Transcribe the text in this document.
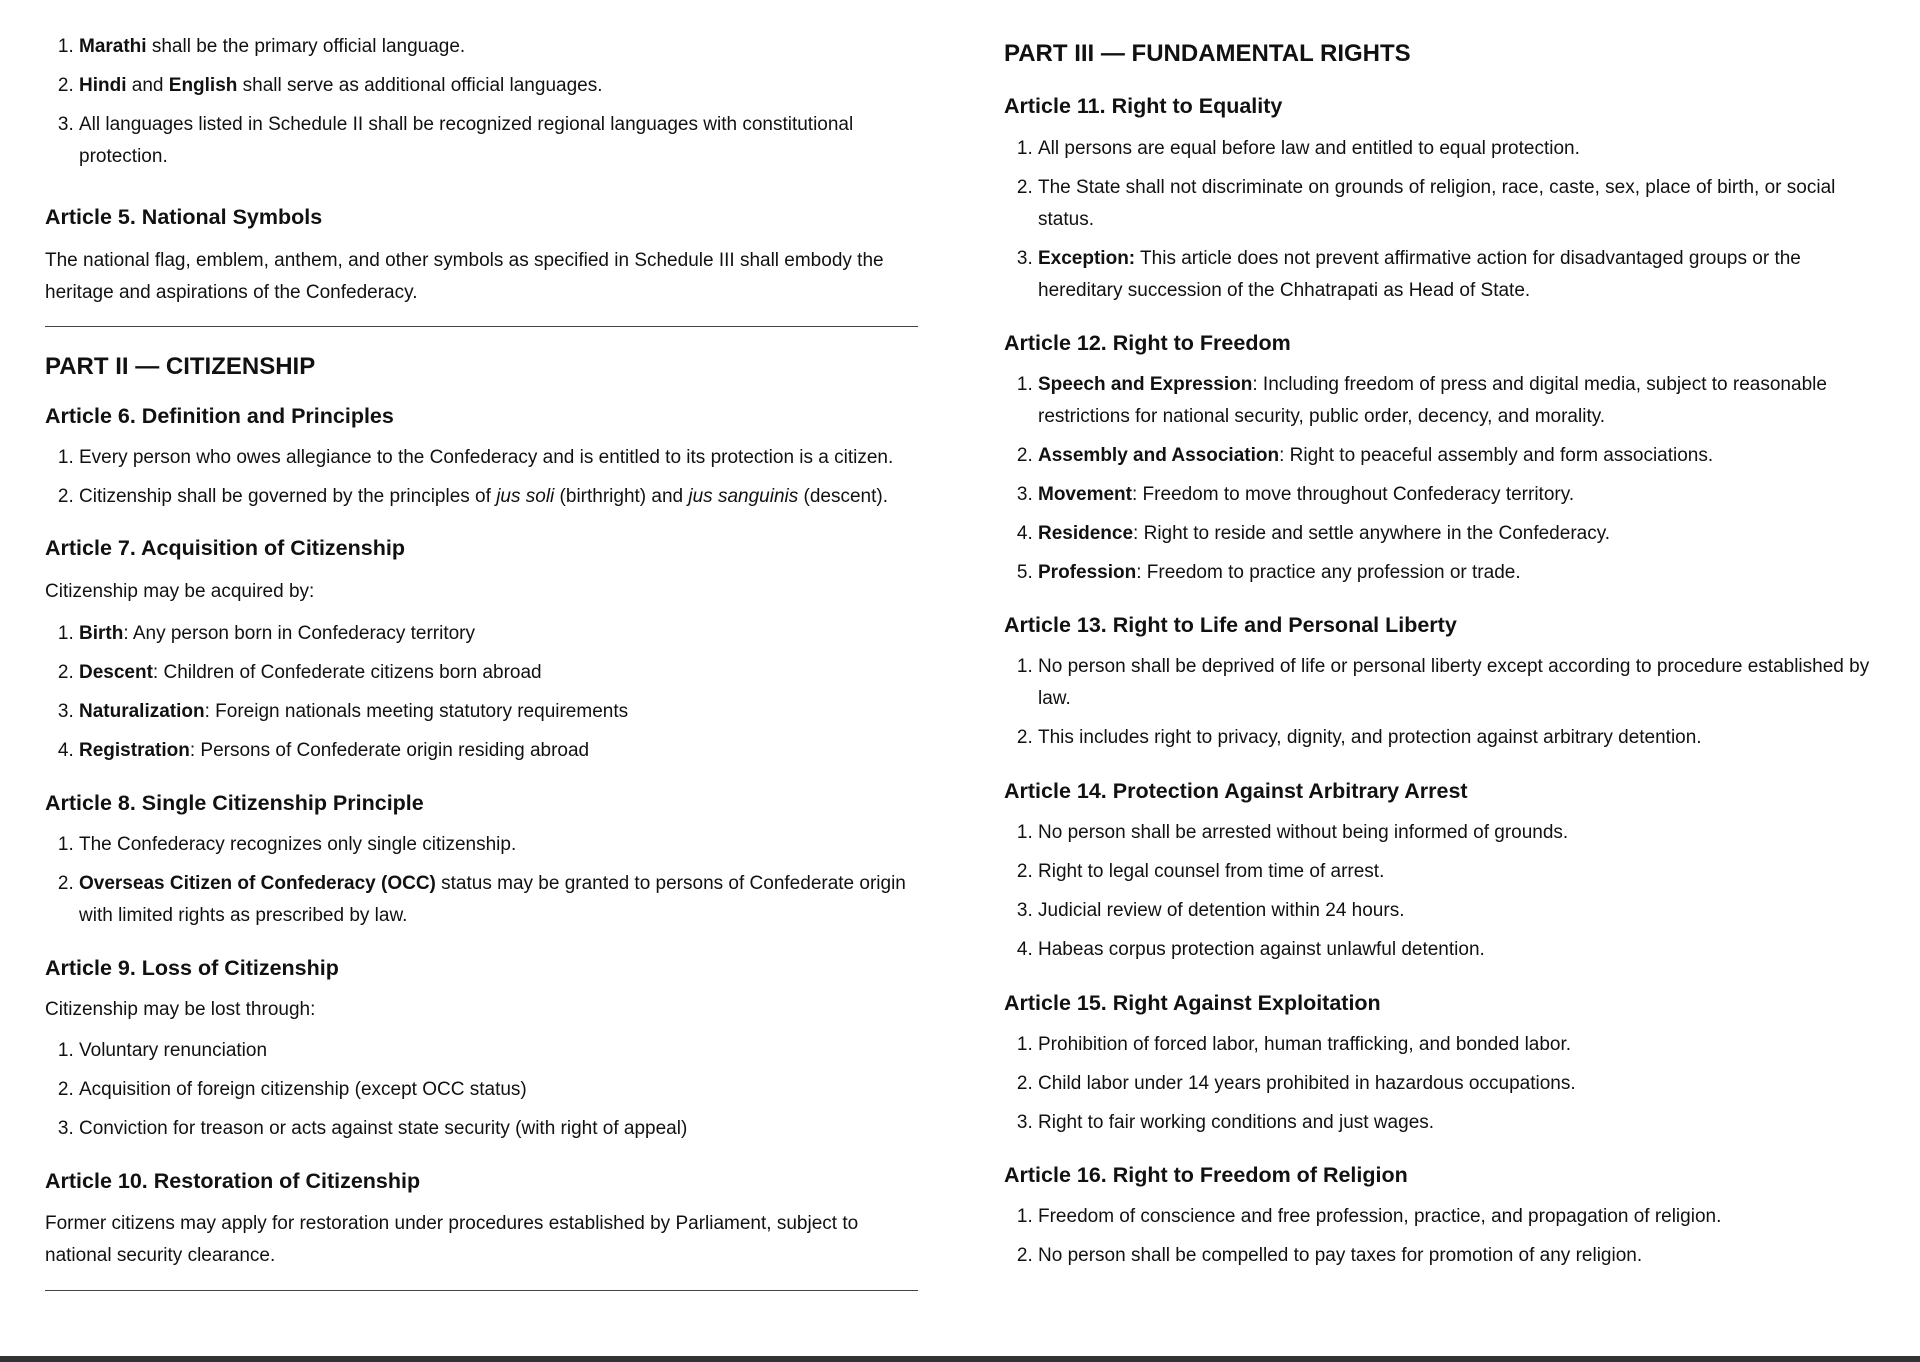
1. Marathi shall be the primary official language.
2. Hindi and English shall serve as additional official languages.
3. All languages listed in Schedule II shall be recognized regional languages with constitutional protection.
Article 5. National Symbols

The national flag, emblem, anthem, and other symbols as specified in Schedule III shall embody the heritage and aspirations of the Confederacy.

PART II — CITIZENSHIP
Article 6. Definition and Principles
1. Every person who owes allegiance to the Confederacy and is entitled to its protection is a citizen.
2. Citizenship shall be governed by the principles of jus soli (birthright) and jus sanguinis (descent).
Article 7. Acquisition of Citizenship

Citizenship may be acquired by:

1. Birth: Any person born in Confederacy territory
2. Descent: Children of Confederate citizens born abroad
3. Naturalization: Foreign nationals meeting statutory requirements
4. Registration: Persons of Confederate origin residing abroad
Article 8. Single Citizenship Principle
1. The Confederacy recognizes only single citizenship.
2. Overseas Citizen of Confederacy (OCC) status may be granted to persons of Confederate origin with limited rights as prescribed by law.
Article 9. Loss of Citizenship

Citizenship may be lost through:

1. Voluntary renunciation
2. Acquisition of foreign citizenship (except OCC status)
3. Conviction for treason or acts against state security (with right of appeal)
Article 10. Restoration of Citizenship

Former citizens may apply for restoration under procedures established by Parliament, subject to national security clearance.

PART III — FUNDAMENTAL RIGHTS
Article 11. Right to Equality
1. All persons are equal before law and entitled to equal protection.
2. The State shall not discriminate on grounds of religion, race, caste, sex, place of birth, or social status.
3. Exception: This article does not prevent affirmative action for disadvantaged groups or the hereditary succession of the Chhatrapati as Head of State.
Article 12. Right to Freedom
1. Speech and Expression: Including freedom of press and digital media, subject to reasonable restrictions for national security, public order, decency, and morality.
2. Assembly and Association: Right to peaceful assembly and form associations.
3. Movement: Freedom to move throughout Confederacy territory.
4. Residence: Right to reside and settle anywhere in the Confederacy.
5. Profession: Freedom to practice any profession or trade.
Article 13. Right to Life and Personal Liberty
1. No person shall be deprived of life or personal liberty except according to procedure established by law.
2. This includes right to privacy, dignity, and protection against arbitrary detention.
Article 14. Protection Against Arbitrary Arrest
1. No person shall be arrested without being informed of grounds.
2. Right to legal counsel from time of arrest.
3. Judicial review of detention within 24 hours.
4. Habeas corpus protection against unlawful detention.
Article 15. Right Against Exploitation
1. Prohibition of forced labor, human trafficking, and bonded labor.
2. Child labor under 14 years prohibited in hazardous occupations.
3. Right to fair working conditions and just wages.
Article 16. Right to Freedom of Religion
1. Freedom of conscience and free profession, practice, and propagation of religion.
2. No person shall be compelled to pay taxes for promotion of any religion.
